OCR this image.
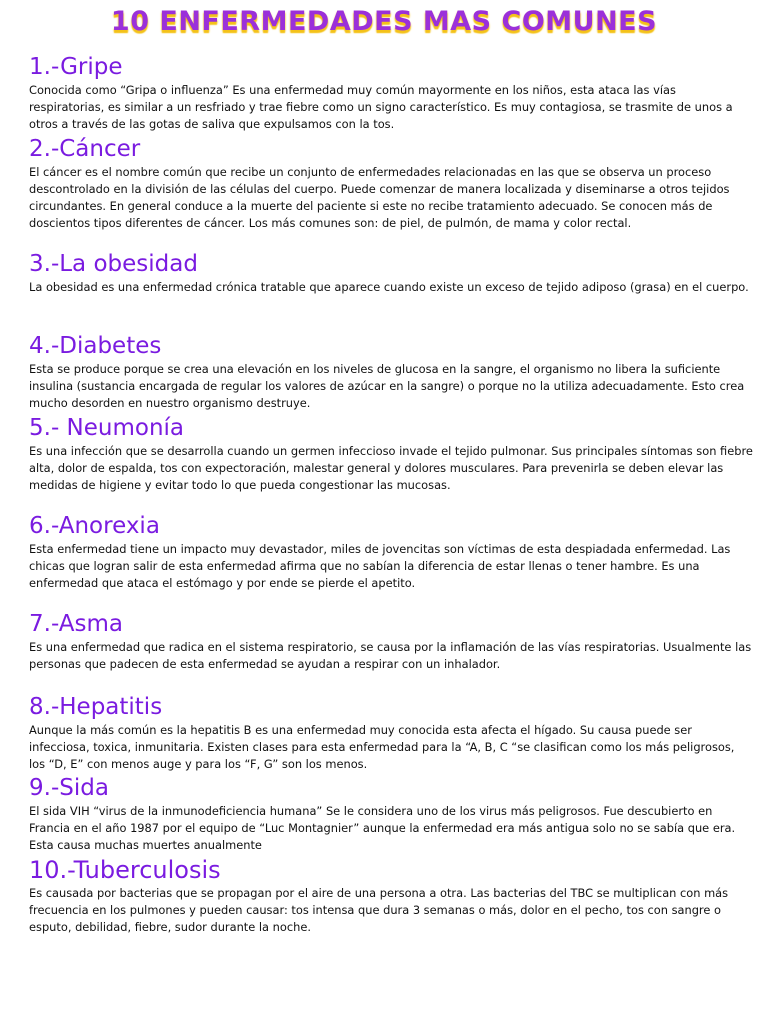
10 ENFERMEDADES MAS COMUNES
1.-Gripe

Conocida como “Gripa o influenza” Es una enfermedad muy común mayormente en los niños, esta ataca las vías respiratorias, es similar a un resfriado y trae fiebre como un signo característico. Es muy contagiosa, se trasmite de unos a otros a través de las gotas de saliva que expulsamos con la tos.

2.-Cáncer

El cáncer es el nombre común que recibe un conjunto de enfermedades relacionadas en las que se observa un proceso descontrolado en la división de las células del cuerpo. Puede comenzar de manera localizada y diseminarse a otros tejidos circundantes. En general conduce a la muerte del paciente si este no recibe tratamiento adecuado. Se conocen más de doscientos tipos diferentes de cáncer. Los más comunes son: de piel, de pulmón, de mama y color rectal.

3.-La obesidad

La obesidad es una enfermedad crónica tratable que aparece cuando existe un exceso de tejido adiposo (grasa) en el cuerpo.

4.-Diabetes

Esta se produce porque se crea una elevación en los niveles de glucosa en la sangre, el organismo no libera la suficiente insulina (sustancia encargada de regular los valores de azúcar en la sangre) o porque no la utiliza adecuadamente. Esto crea mucho desorden en nuestro organismo destruye.

5.- Neumonía

Es una infección que se desarrolla cuando un germen infeccioso invade el tejido pulmonar. Sus principales síntomas son fiebre alta, dolor de espalda, tos con expectoración, malestar general y dolores musculares. Para prevenirla se deben elevar las medidas de higiene y evitar todo lo que pueda congestionar las mucosas.

6.-Anorexia

Esta enfermedad tiene un impacto muy devastador, miles de jovencitas son víctimas de esta despiadada enfermedad. Las chicas que logran salir de esta enfermedad afirma que no sabían la diferencia de estar llenas o tener hambre. Es una enfermedad que ataca el estómago y por ende se pierde el apetito.

7.-Asma

Es una enfermedad que radica en el sistema respiratorio, se causa por la inflamación de las vías respiratorias. Usualmente las personas que padecen de esta enfermedad se ayudan a respirar con un inhalador.

8.-Hepatitis

Aunque la más común es la hepatitis B es una enfermedad muy conocida esta afecta el hígado. Su causa puede ser infecciosa, toxica, inmunitaria. Existen clases para esta enfermedad para la “A, B, C “se clasifican como los más peligrosos, los “D, E” con menos auge y para los “F, G” son los menos.

9.-Sida

El sida VIH “virus de la inmunodeficiencia humana” Se le considera uno de los virus más peligrosos. Fue descubierto en Francia en el año 1987 por el equipo de “Luc Montagnier” aunque la enfermedad era más antigua solo no se sabía que era. Esta causa muchas muertes anualmente

10.-Tuberculosis

Es causada por bacterias que se propagan por el aire de una persona a otra. Las bacterias del TBC se multiplican con más frecuencia en los pulmones y pueden causar: tos intensa que dura 3 semanas o más, dolor en el pecho, tos con sangre o esputo, debilidad, fiebre, sudor durante la noche.
